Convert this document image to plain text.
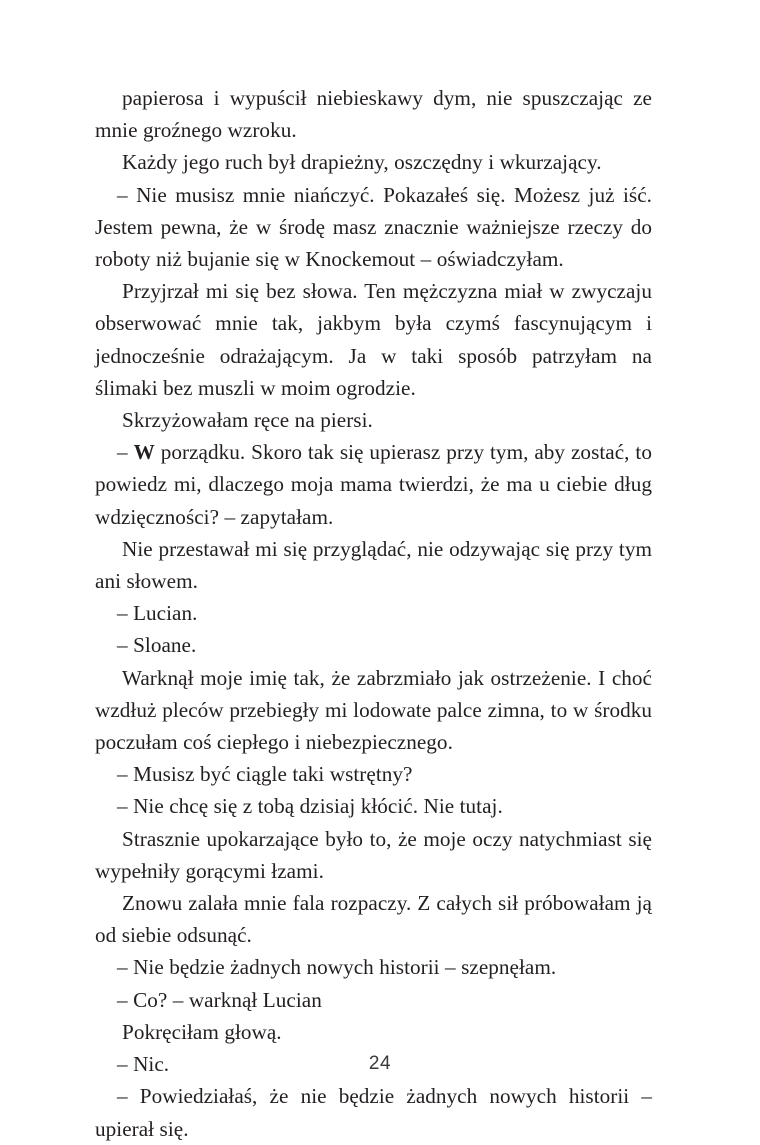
papierosa i wypuścił niebieskawy dym, nie spuszczając ze mnie groźnego wzroku.

Każdy jego ruch był drapieżny, oszczędny i wkurzający.

– Nie musisz mnie niańczyć. Pokazałeś się. Możesz już iść. Jestem pewna, że w środę masz znacznie ważniejsze rzeczy do roboty niż bujanie się w Knockemout – oświadczyłam.

Przyjrzał mi się bez słowa. Ten mężczyzna miał w zwyczaju obserwować mnie tak, jakbym była czymś fascynującym i jednocześnie odrażającym. Ja w taki sposób patrzyłam na ślimaki bez muszli w moim ogrodzie.

Skrzyżowałam ręce na piersi.

– W porządku. Skoro tak się upierasz przy tym, aby zostać, to powiedz mi, dlaczego moja mama twierdzi, że ma u ciebie dług wdzięczności? – zapytałam.

Nie przestawał mi się przyglądać, nie odzywając się przy tym ani słowem.

– Lucian.

– Sloane.

Warknął moje imię tak, że zabrzmiało jak ostrzeżenie. I choć wzdłuż pleców przebiegły mi lodowate palce zimna, to w środku poczułam coś ciepłego i niebezpiecznego.

– Musisz być ciągle taki wstrętny?

– Nie chcę się z tobą dzisiaj kłócić. Nie tutaj.

Strasznie upokarzające było to, że moje oczy natychmiast się wypełniły gorącymi łzami.

Znowu zalała mnie fala rozpaczy. Z całych sił próbowałam ją od siebie odsunąć.

– Nie będzie żadnych nowych historii – szepnęłam.

– Co? – warknął Lucian

Pokręciłam głową.

– Nic.

– Powiedziałaś, że nie będzie żadnych nowych historii – upierał się.

24
